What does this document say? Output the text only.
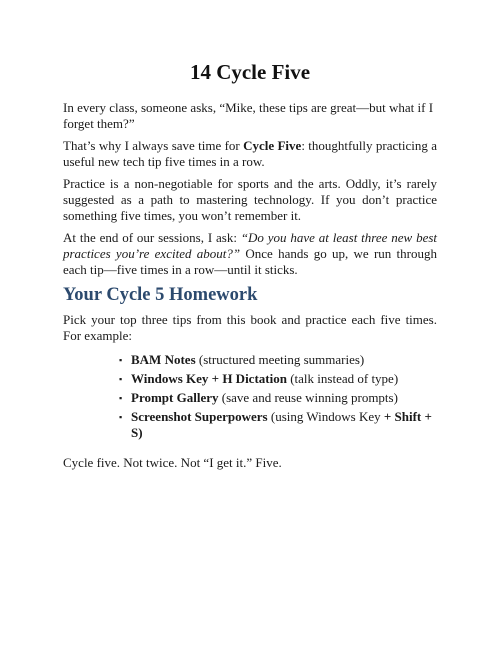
14 Cycle Five

In every class, someone asks, “Mike, these tips are great—but what if I forget them?”

That’s why I always save time for Cycle Five: thoughtfully practicing a useful new tech tip five times in a row.

Practice is a non-negotiable for sports and the arts. Oddly, it’s rarely suggested as a path to mastering technology. If you don’t practice something five times, you won’t remember it.

At the end of our sessions, I ask: “Do you have at least three new best practices you’re excited about?” Once hands go up, we run through each tip—five times in a row—until it sticks.

Your Cycle 5 Homework

Pick your top three tips from this book and practice each five times. For example:

▪ BAM Notes (structured meeting summaries)
▪ Windows Key + H Dictation (talk instead of type)
▪ Prompt Gallery (save and reuse winning prompts)
▪ Screenshot Superpowers (using Windows Key + Shift + S)

Cycle five. Not twice. Not “I get it.” Five.
